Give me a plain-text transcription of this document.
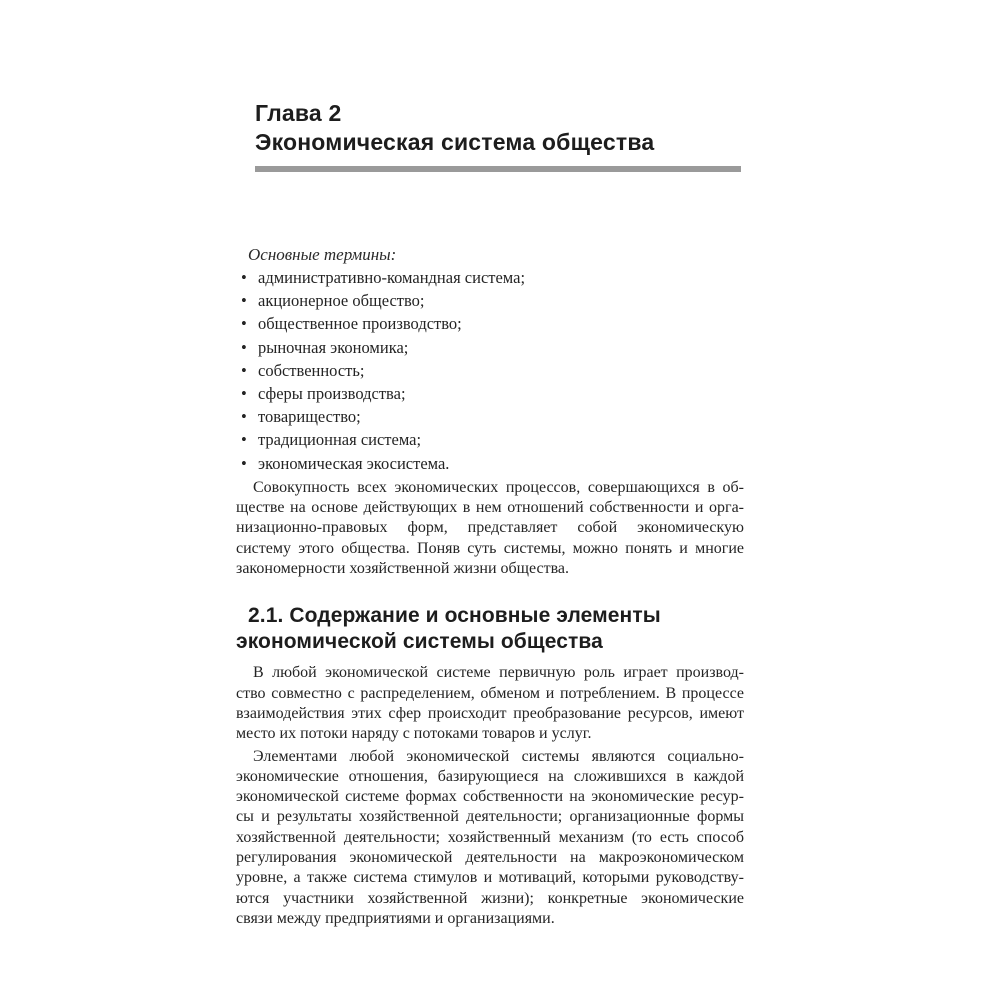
Глава 2
Экономическая система общества
Основные термины:
• административно-командная система;
• акционерное общество;
• общественное производство;
• рыночная экономика;
• собственность;
• сферы производства;
• товарищество;
• традиционная система;
• экономическая экосистема.
Совокупность всех экономических процессов, совершающихся в об-
ществе на основе действующих в нем отношений собственности и орга-
низационно-правовых форм, представляет собой экономическую
систему этого общества. Поняв суть системы, можно понять и многие
закономерности хозяйственной жизни общества.
2.1. Содержание и основные элементы
экономической системы общества
В любой экономической системе первичную роль играет производ-
ство совместно с распределением, обменом и потреблением. В процессе
взаимодействия этих сфер происходит преобразование ресурсов, имеют
место их потоки наряду с потоками товаров и услуг.
Элементами любой экономической системы являются социально-
экономические отношения, базирующиеся на сложившихся в каждой
экономической системе формах собственности на экономические ресур-
сы и результаты хозяйственной деятельности; организационные формы
хозяйственной деятельности; хозяйственный механизм (то есть способ
регулирования экономической деятельности на макроэкономическом
уровне, а также система стимулов и мотиваций, которыми руководству-
ются участники хозяйственной жизни); конкретные экономические
связи между предприятиями и организациями.
